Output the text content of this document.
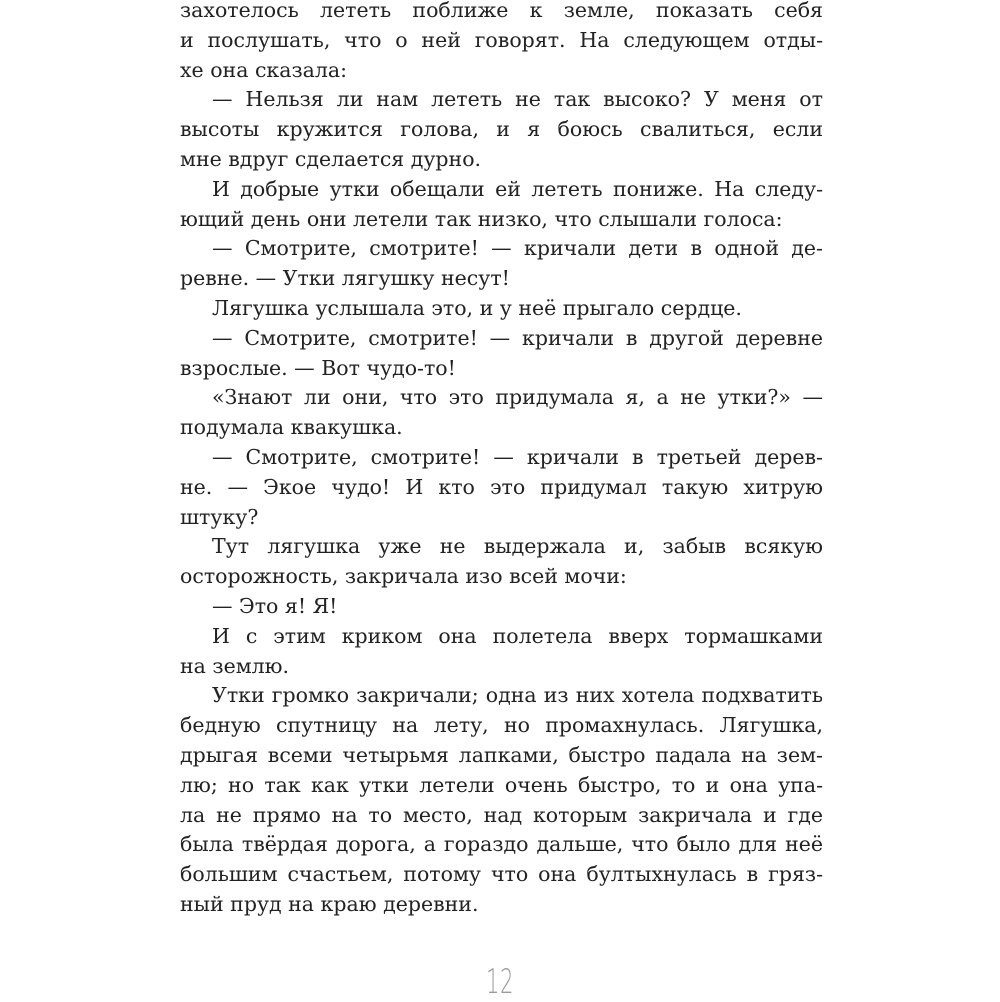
захотелось лететь поближе к земле, показать себя
и послушать, что о ней говорят. На следующем отды-
хе она сказала:
— Нельзя ли нам лететь не так высоко? У меня от
высоты кружится голова, и я боюсь свалиться, если
мне вдруг сделается дурно.
И добрые утки обещали ей лететь пониже. На следу-
ющий день они летели так низко, что слышали голоса:
— Смотрите, смотрите! — кричали дети в одной де-
ревне. — Утки лягушку несут!
Лягушка услышала это, и у неё прыгало сердце.
— Смотрите, смотрите! — кричали в другой деревне
взрослые. — Вот чудо-то!
«Знают ли они, что это придумала я, а не утки?» —
подумала квакушка.
— Смотрите, смотрите! — кричали в третьей дерев-
не. — Экое чудо! И кто это придумал такую хитрую
штуку?
Тут лягушка уже не выдержала и, забыв всякую
осторожность, закричала изо всей мочи:
— Это я! Я!
И с этим криком она полетела вверх тормашками
на землю.
Утки громко закричали; одна из них хотела подхватить
бедную спутницу на лету, но промахнулась. Лягушка,
дрыгая всеми четырьмя лапками, быстро падала на зем-
лю; но так как утки летели очень быстро, то и она упа-
ла не прямо на то место, над которым закричала и где
была твёрдая дорога, а гораздо дальше, что было для неё
большим счастьем, потому что она бултыхнулась в гряз-
ный пруд на краю деревни.
12
